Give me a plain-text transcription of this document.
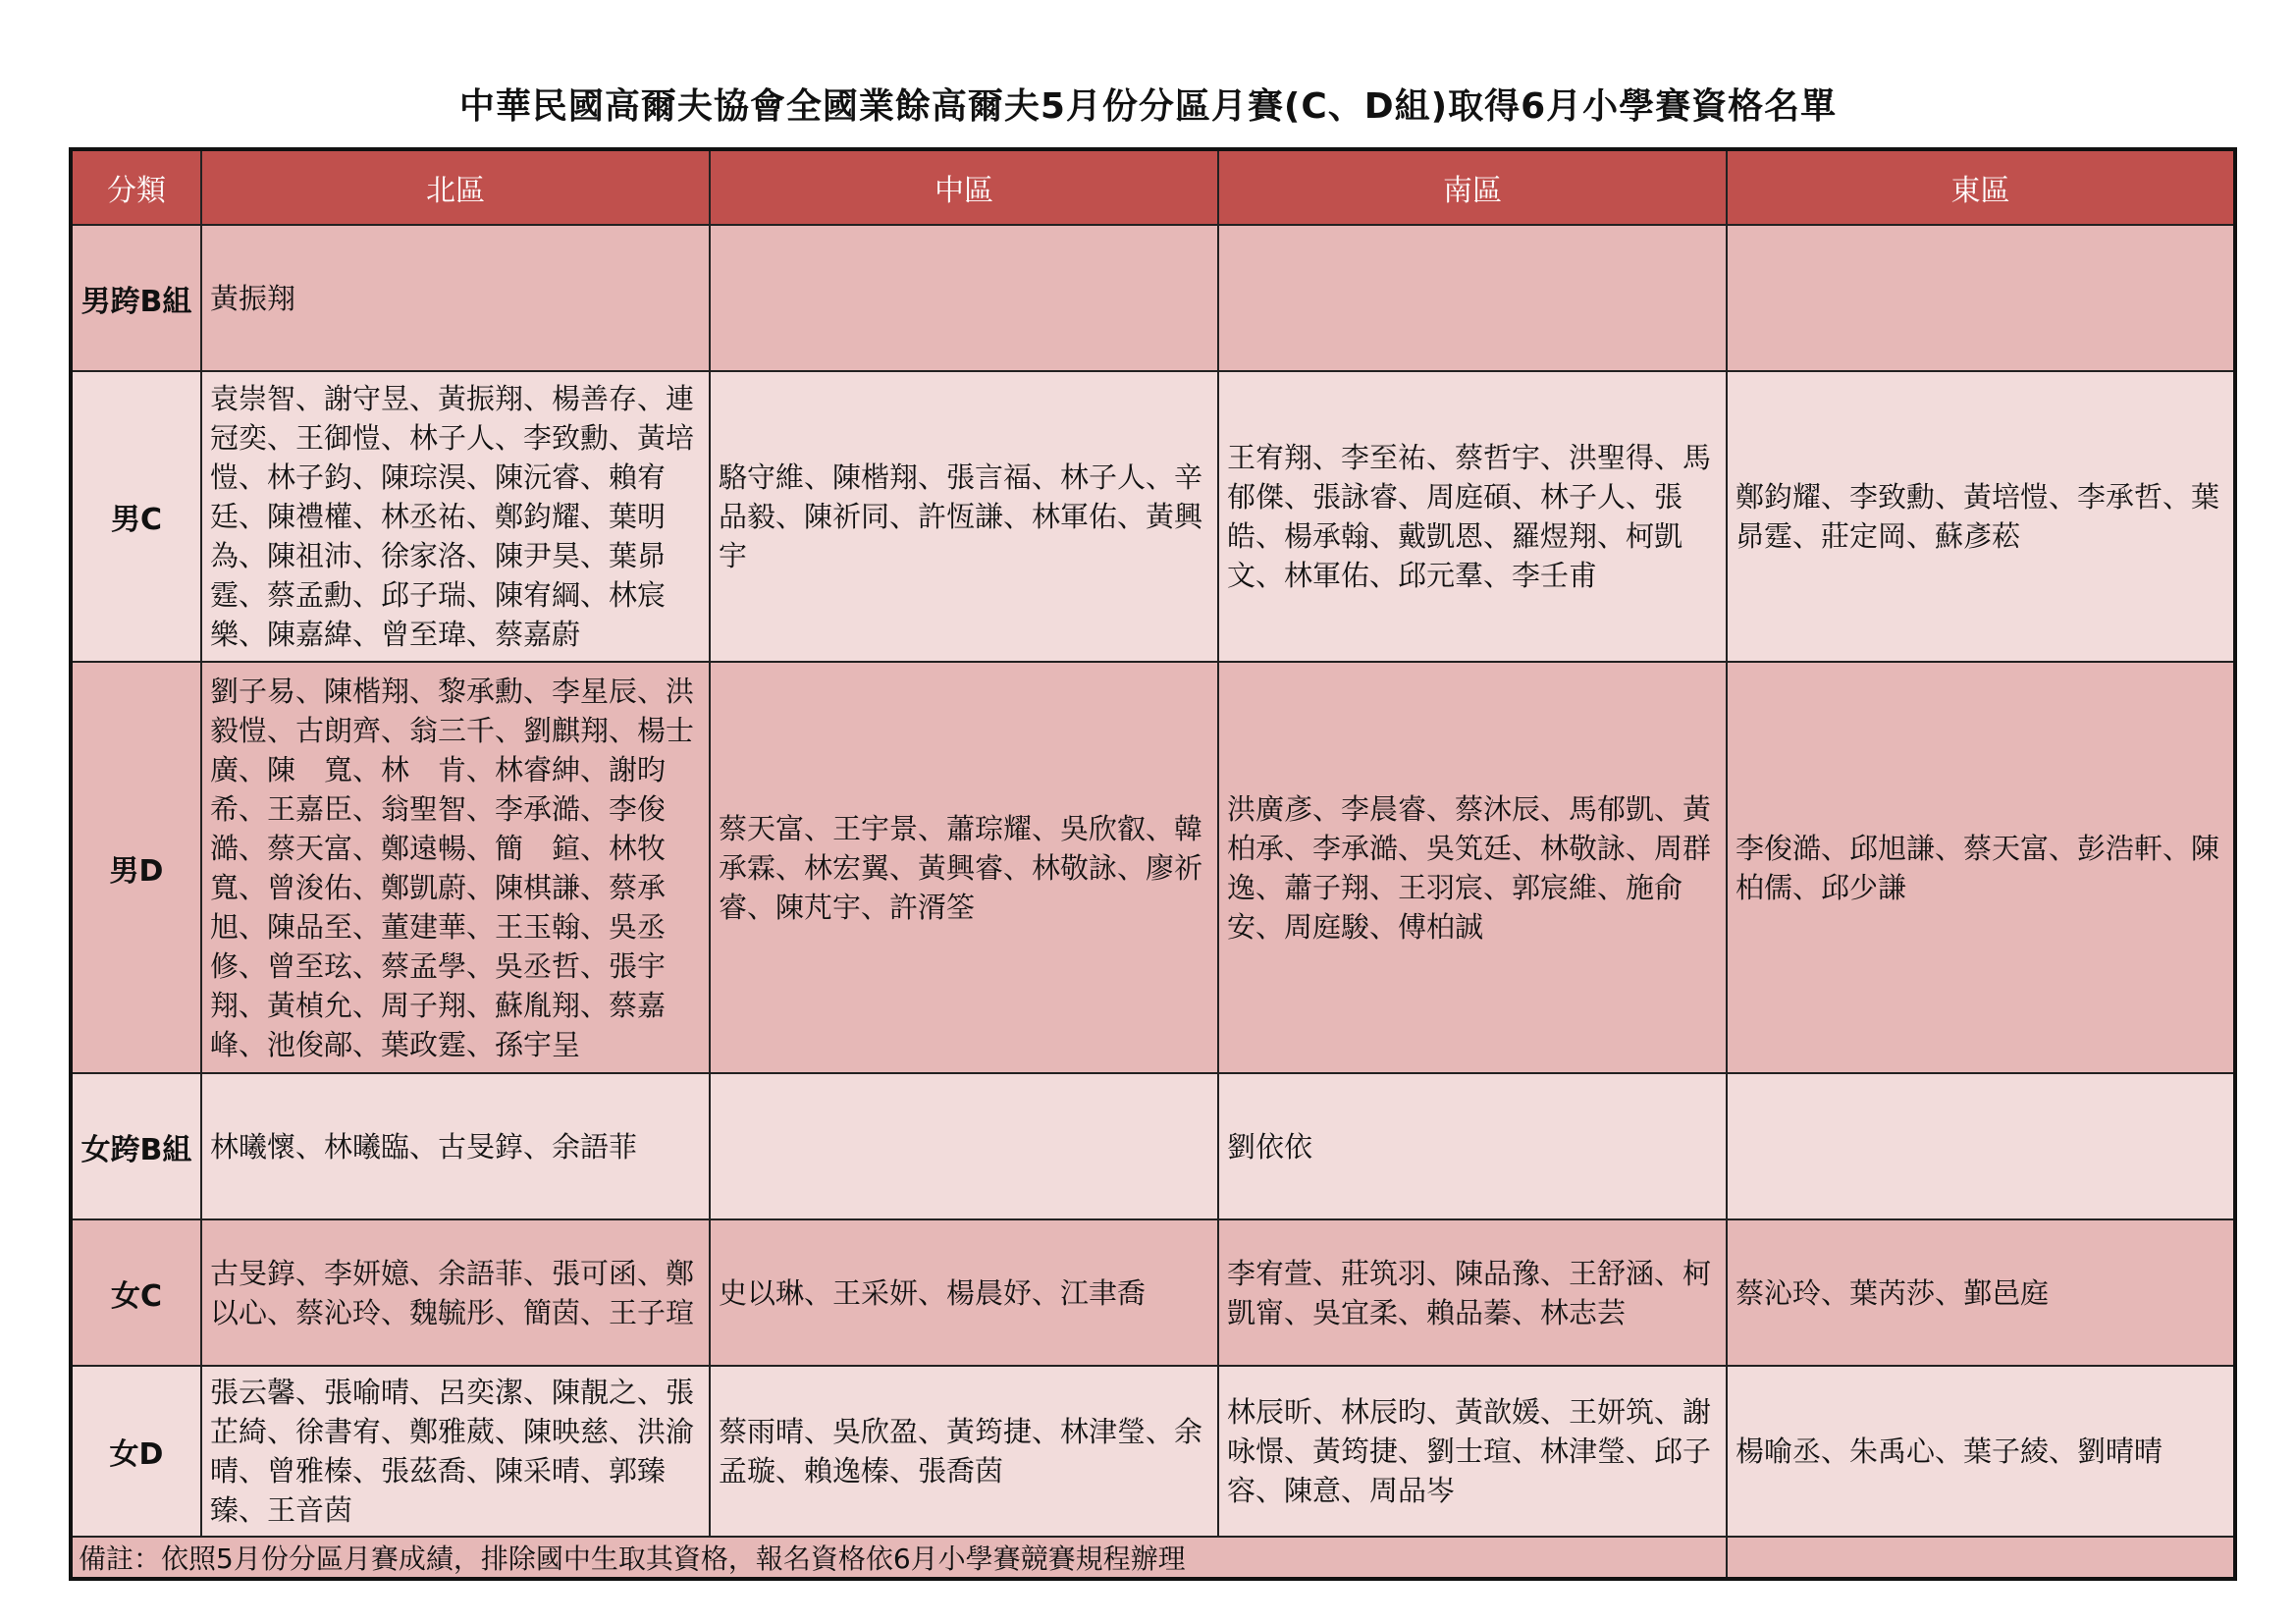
中華民國高爾夫協會全國業餘高爾夫5月份分區月賽(C、D組)取得6月小學賽資格名單
分類	北區	中區	南區	東區
男跨B組	黃振翔			
男C	袁崇智、謝守昱、黃振翔、楊善存、連冠奕、王御愷、林子人、李致勳、黃培愷、林子鈞、陳琮淏、陳沅睿、賴宥廷、陳禮權、林丞祐、鄭鈞耀、葉明為、陳祖沛、徐家洛、陳尹昊、葉昴霆、蔡孟勳、邱子瑞、陳宥綱、林宸樂、陳嘉緯、曾至瑋、蔡嘉蔚	駱守維、陳楷翔、張言福、林子人、辛品毅、陳祈同、許恆謙、林軍佑、黃興宇	王宥翔、李至祐、蔡哲宇、洪聖得、馬郁傑、張詠睿、周庭碩、林子人、張　皓、楊承翰、戴凱恩、羅煜翔、柯凱文、林軍佑、邱元羣、李壬甫	鄭鈞耀、李致勳、黃培愷、李承哲、葉昴霆、莊定岡、蘇彥菘
男D	劉子易、陳楷翔、黎承勳、李星辰、洪毅愷、古朗齊、翁三千、劉麒翔、楊士廣、陳　寬、林　肯、林睿紳、謝昀希、王嘉臣、翁聖智、李承澔、李俊澔、蔡天富、鄭遠暢、簡　鍹、林牧寬、曾浚佑、鄭凱蔚、陳棋謙、蔡承旭、陳品至、董建華、王玉翰、吳丞修、曾至玹、蔡孟學、吳丞哲、張宇翔、黃楨允、周子翔、蘇胤翔、蔡嘉峰、池俊鄗、葉政霆、孫宇呈	蔡天富、王宇景、蕭琮耀、吳欣叡、韓承霖、林宏翼、黃興睿、林敬詠、廖祈睿、陳芃宇、許湑筌	洪廣彥、李晨睿、蔡沐辰、馬郁凱、黃柏承、李承澔、吳笂廷、林敬詠、周群逸、蕭子翔、王羽宸、郭宸維、施俞安、周庭駿、傅柏誠	李俊澔、邱旭謙、蔡天富、彭浩軒、陳柏儒、邱少謙
女跨B組	林曦懷、林曦臨、古旻錞、余語菲		劉依依	
女C	古旻錞、李妍嬑、余語菲、張可函、鄭以心、蔡沁玲、魏毓彤、簡茵、王子瑄	史以琳、王采妍、楊晨妤、江聿喬	李宥萱、莊筑羽、陳品豫、王舒涵、柯凱甯、吳宜柔、賴品蓁、林志芸	蔡沁玲、葉芮莎、鄞邑庭
女D	張云馨、張喻晴、呂奕潔、陳靚之、張芷綺、徐書宥、鄭雅葳、陳映慈、洪渝晴、曾雅榛、張茲喬、陳采晴、郭臻臻、王音茵	蔡雨晴、吳欣盈、黃筠捷、林津瑩、余孟璇、賴逸榛、張喬茵	林辰昕、林辰昀、黃歆媛、王妍筑、謝咏憬、黃筠捷、劉士瑄、林津瑩、邱子容、陳意、周品岑	楊喻丞、朱禹心、葉子綾、劉晴晴
備註：依照5月份分區月賽成績，排除國中生取其資格，報名資格依6月小學賽競賽規程辦理				
